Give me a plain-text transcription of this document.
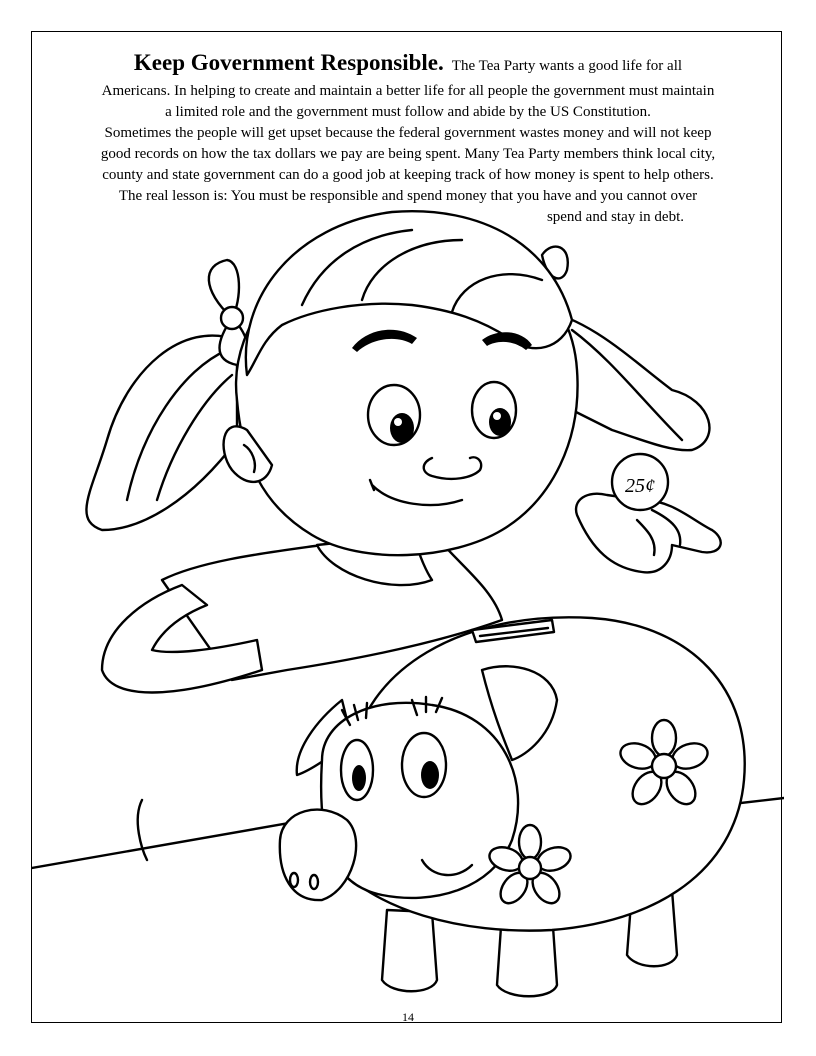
Keep Government Responsible. The Tea Party wants a good life for all
Americans. In helping to create and maintain a better life for all people the government must maintain
a limited role and the government must follow and abide by the US Constitution.
Sometimes the people will get upset because the federal government wastes money and will not keep
good records on how the tax dollars we pay are being spent. Many Tea Party members think local city,
county and state government can do a good job at keeping track of how money is spent to help others.
The real lesson is: You must be responsible and spend money that you have and you cannot over
spend and stay in debt.
25¢
14
